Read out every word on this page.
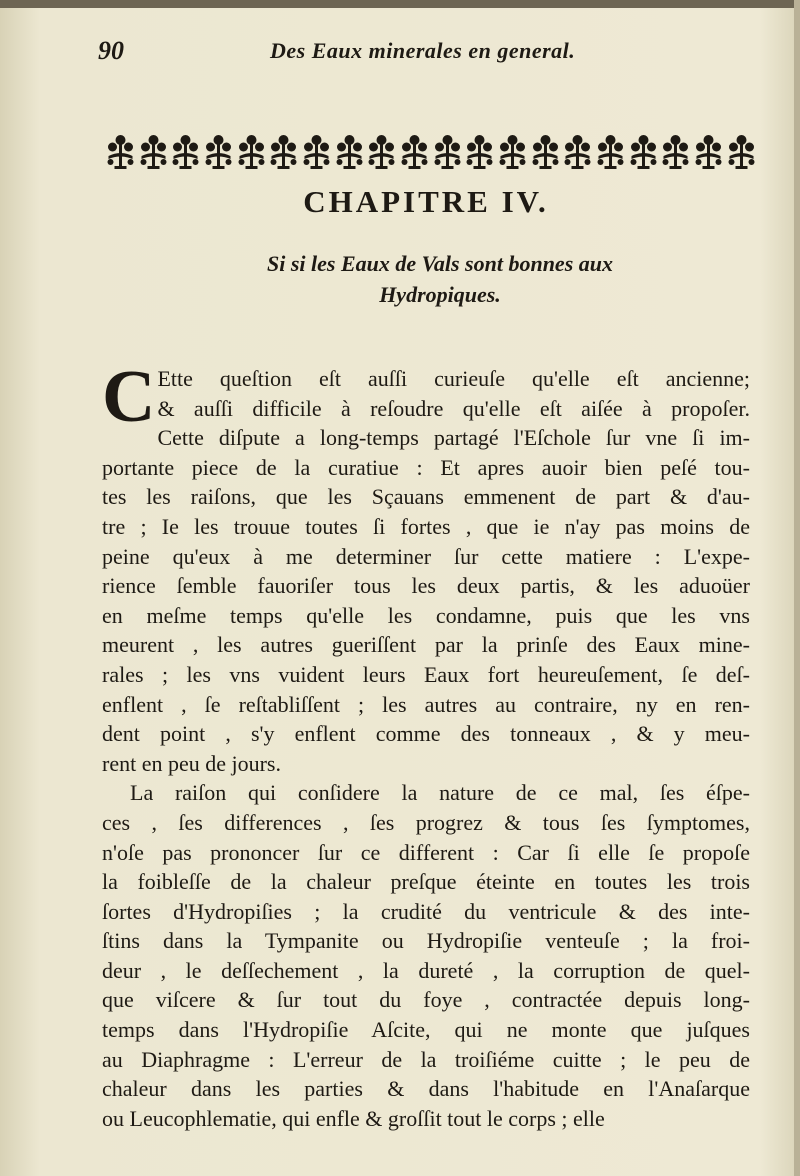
90	Des Eaux minerales en general.
CHAPITRE IV.
Si si les Eaux de Vals sont bonnes aux
Hydropiques.
C Ette queſtion eſt auſſi curieuſe qu'elle eſt ancienne;
& auſſi difficile à reſoudre qu'elle eſt aiſée à propoſer.
Cette diſpute a long-temps partagé l'Eſchole ſur vne ſi im-
portante piece de la curatiue : Et apres auoir bien peſé tou-
tes les raiſons, que les Sçauans emmenent de part & d'au-
tre ; Ie les trouue toutes ſi fortes , que ie n'ay pas moins de
peine qu'eux à me determiner ſur cette matiere : L'expe-
rience ſemble fauoriſer tous les deux partis, & les aduoüer
en meſme temps qu'elle les condamne, puis que les vns
meurent , les autres gueriſſent par la prinſe des Eaux mine-
rales ; les vns vuident leurs Eaux fort heureuſement, ſe deſ-
enflent , ſe reſtabliſſent ; les autres au contraire, ny en ren-
dent point , s'y enflent comme des tonneaux , & y meu-
rent en peu de jours.
La raiſon qui conſidere la nature de ce mal, ſes éſpe-
ces , ſes differences , ſes progrez & tous ſes ſymptomes,
n'oſe pas prononcer ſur ce different : Car ſi elle ſe propoſe
la foibleſſe de la chaleur preſque éteinte en toutes les trois
ſortes d'Hydropiſies ; la crudité du ventricule & des inte-
ſtins dans la Tympanite ou Hydropiſie venteuſe ; la froi-
deur , le deſſechement , la dureté , la corruption de quel-
que viſcere & ſur tout du foye , contractée depuis long-
temps dans l'Hydropiſie Aſcite, qui ne monte que juſques
au Diaphragme : L'erreur de la troiſiéme cuitte ; le peu de
chaleur dans les parties & dans l'habitude en l'Anaſarque
ou Leucophlematie, qui enfle & groſſit tout le corps ; elle
